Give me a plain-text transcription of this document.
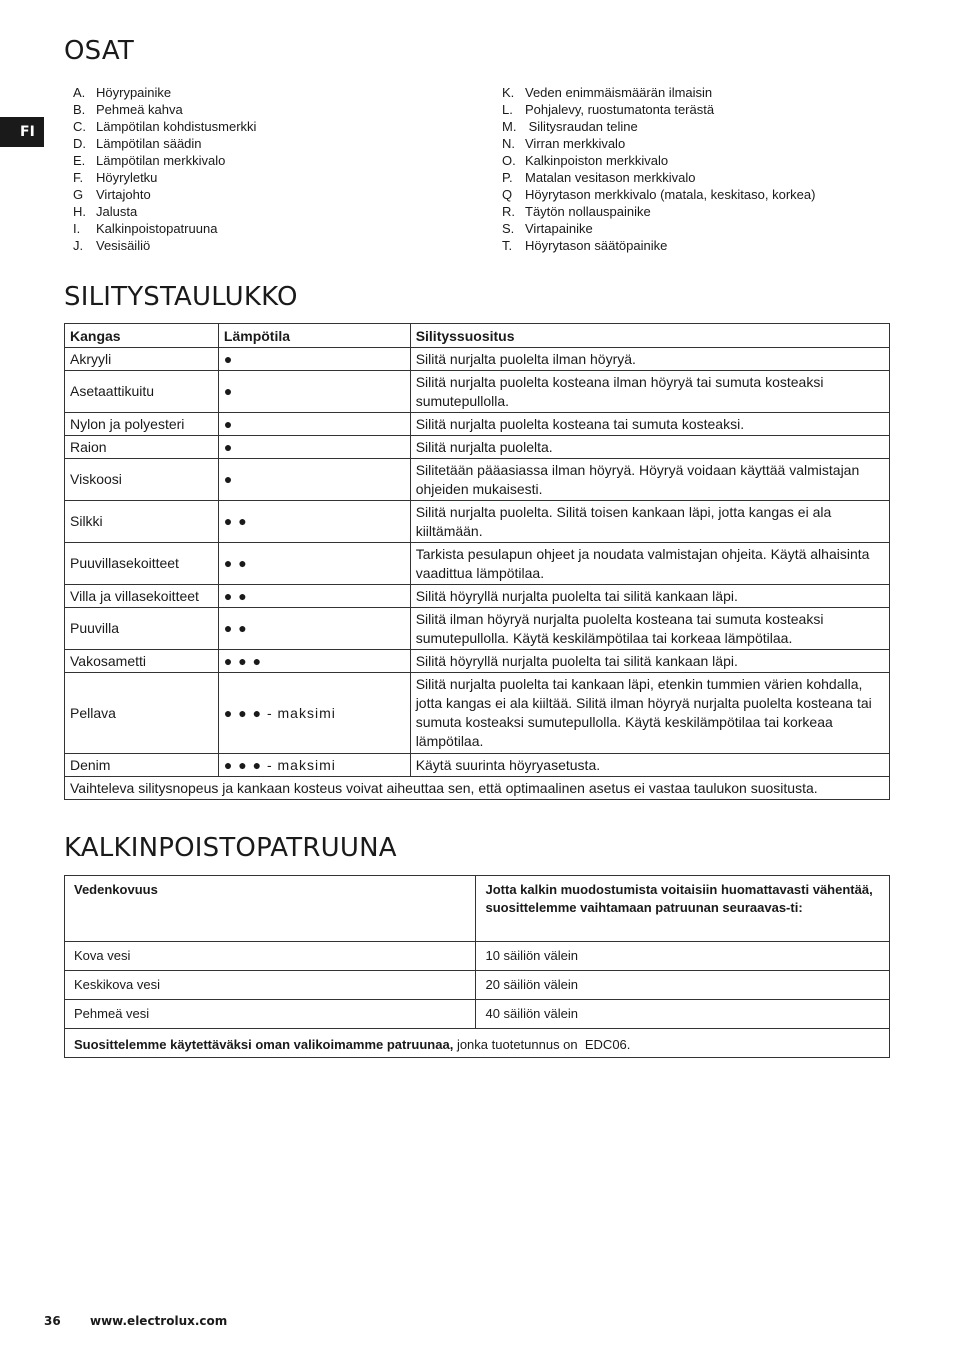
FI
OSAT
A. Höyrypainike
B. Pehmeä kahva
C. Lämpötilan kohdistusmerkki
D. Lämpötilan säädin
E. Lämpötilan merkkivalo
F. Höyryletku
G Virtajohto
H. Jalusta
I.	Kalkinpoistopatruuna
J. Vesisäiliö
K. Veden enimmäismäärän ilmaisin
L. Pohjalevy, ruostumatonta terästä
M. Silitysraudan teline
N. Virran merkkivalo
O. Kalkinpoiston merkkivalo
P. Matalan vesitason merkkivalo
Q Höyrytason merkkivalo (matala, keskitaso, korkea)
R. Täytön nollauspainike
S. Virtapainike
T. Höyrytason säätöpainike
SILITYSTAULUKKO
Kangas	Lämpötila	Silityssuositus
Akryyli	●	Silitä nurjalta puolelta ilman höyryä.
Asetaattikuitu	●	Silitä nurjalta puolelta kosteana ilman höyryä tai sumuta kosteaksi sumutepullolla.
Nylon ja polyesteri	●	Silitä nurjalta puolelta kosteana tai sumuta kosteaksi.
Raion	●	Silitä nurjalta puolelta.
Viskoosi	●	Silitetään pääasiassa ilman höyryä. Höyryä voidaan käyttää valmistajan ohjeiden mukaisesti.
Silkki	● ●	Silitä nurjalta puolelta. Silitä toisen kankaan läpi, jotta kangas ei ala kiiltämään.
Puuvillasekoitteet	● ●	Tarkista pesulapun ohjeet ja noudata valmistajan ohjeita. Käytä alhaisinta vaadittua lämpötilaa.
Villa ja villasekoitteet	● ●	Silitä höyryllä nurjalta puolelta tai silitä kankaan läpi.
Puuvilla	● ●	Silitä ilman höyryä nurjalta puolelta kosteana tai sumuta kosteaksi sumutepullolla. Käytä keskilämpötilaa tai korkeaa lämpötilaa.
Vakosametti	● ● ●	Silitä höyryllä nurjalta puolelta tai silitä kankaan läpi.
Pellava	● ● ● - maksimi	Silitä nurjalta puolelta tai kankaan läpi, etenkin tummien värien kohdalla, jotta kangas ei ala kiiltää. Silitä ilman höyryä nurjalta puolelta kosteana tai sumuta kosteaksi sumutepullolla. Käytä keskilämpötilaa tai korkeaa lämpötilaa.
Denim	● ● ● - maksimi	Käytä suurinta höyryasetusta.
Vaihteleva silitysnopeus ja kankaan kosteus voivat aiheuttaa sen, että optimaalinen asetus ei vastaa taulukon suositusta.		
KALKINPOISTOPATRUUNA
Vedenkovuus	Jotta kalkin muodostumista voitaisiin huomattavasti vähentää, suosittelemme vaihtamaan patruunan seuraavas-ti:
Kova vesi	10 säiliön välein
Keskikova vesi	20 säiliön välein
Pehmeä vesi	40 säiliön välein
Suosittelemme käytettäväksi oman valikoimamme patruunaa, jonka tuotetunnus on  EDC06.	
36 www.electrolux.com
